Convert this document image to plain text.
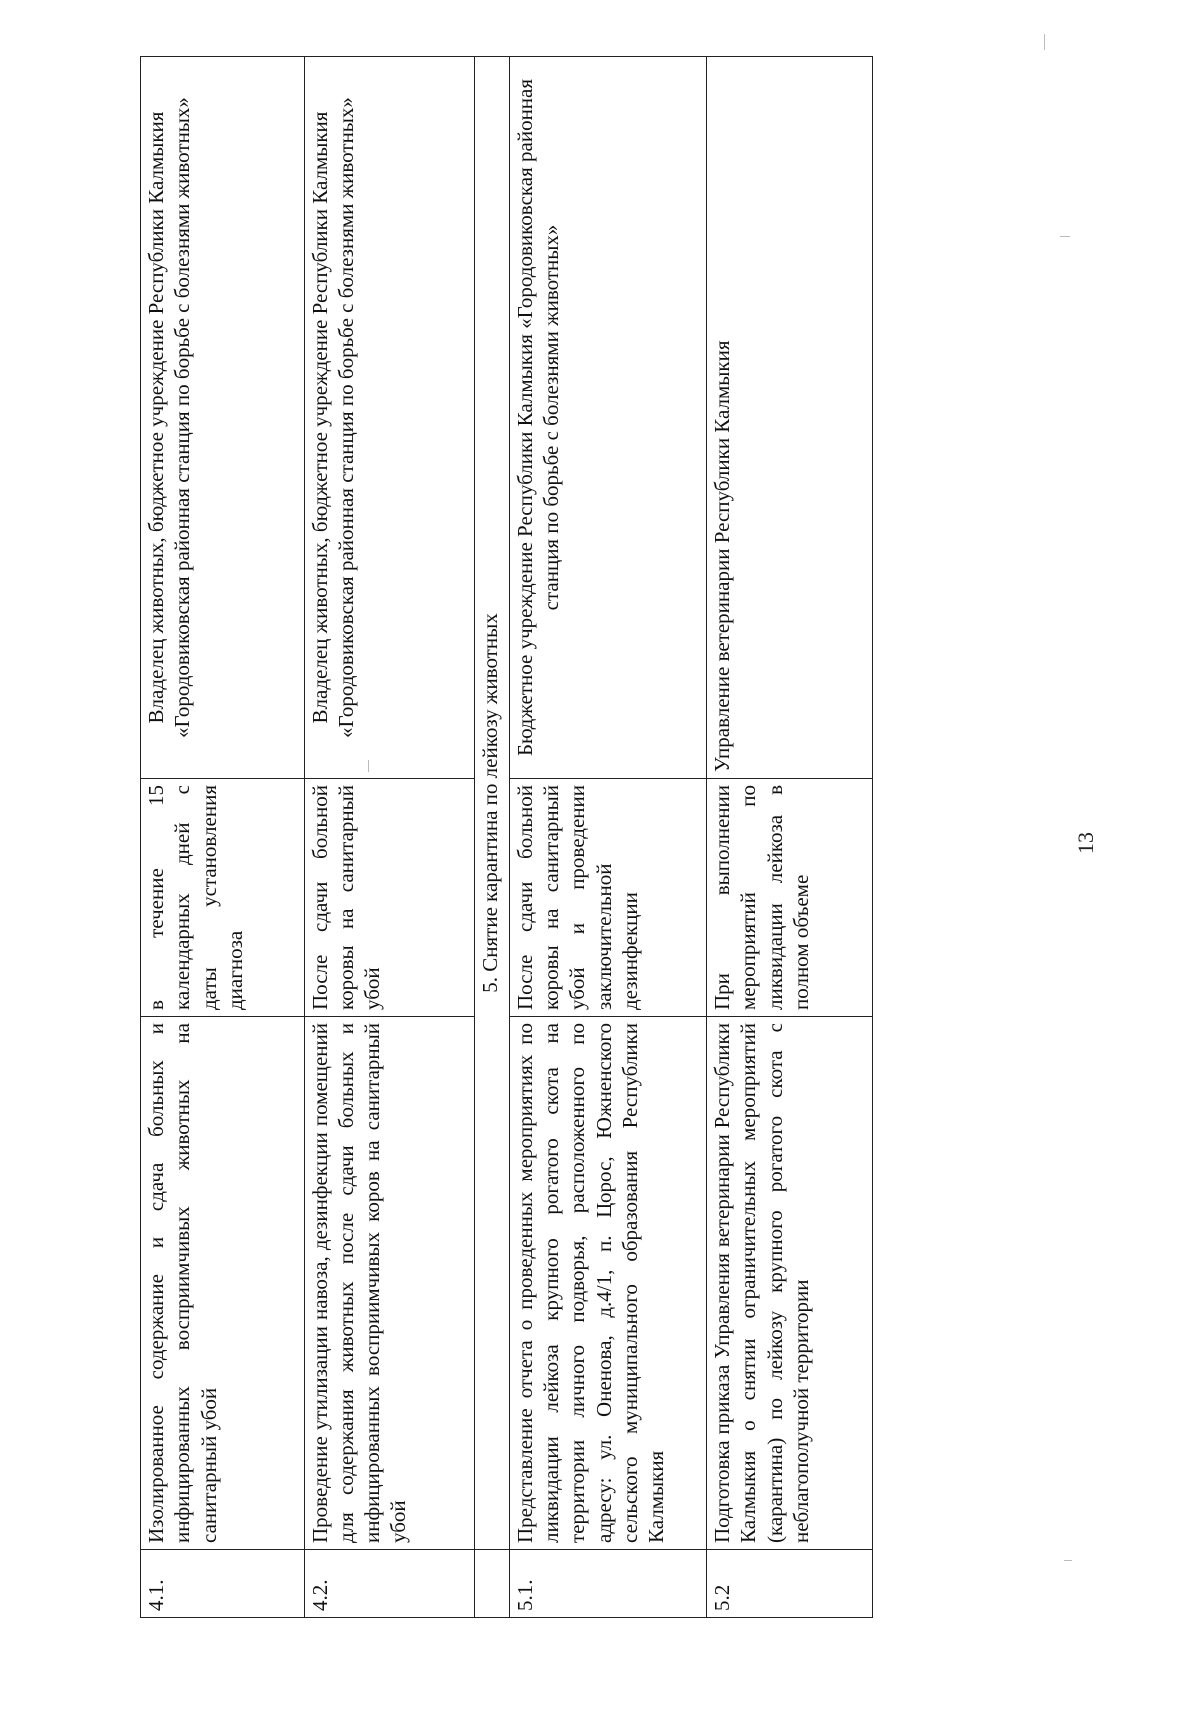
4.1.	Изолированное содержание и сдача больных и инфицированных восприимчивых животных на санитарный убой	в течение 15 календарных дней с даты установления диагноза	Владелец животных, бюджетное учреждение Республики Калмыкия «Городовиковская районная станция по борьбе с болезнями животных»
4.2.	Проведение утилизации навоза, дезинфекции помещений для содержания животных после сдачи больных и инфицированных восприимчивых коров на санитарный убой	После сдачи больной коровы на санитарный убой	Владелец животных, бюджетное учреждение Республики Калмыкия «Городовиковская районная станция по борьбе с болезнями животных»
	5. Снятие карантина по лейкозу животных		
5.1.	Представление отчета о проведенных мероприятиях по ликвидации лейкоза крупного рогатого скота на территории личного подворья, расположенного по адресу: ул. Оненова, д.4/1, п. Цорос, Южненского сельского муниципального образования Республики Калмыкия	После сдачи больной коровы на санитарный убой и проведении заключительной дезинфекции	Бюджетное учреждение Республики Калмыкия «Городовиковская районная станция по борьбе с болезнями животных»
5.2	Подготовка приказа Управления ветеринарии Республики Калмыкия о снятии ограничительных мероприятий (карантина) по лейкозу крупного рогатого скота с неблагополучной территории	При выполнении мероприятий по ликвидации лейкоза в полном объеме	Управление ветеринарии Республики Калмыкия
13
